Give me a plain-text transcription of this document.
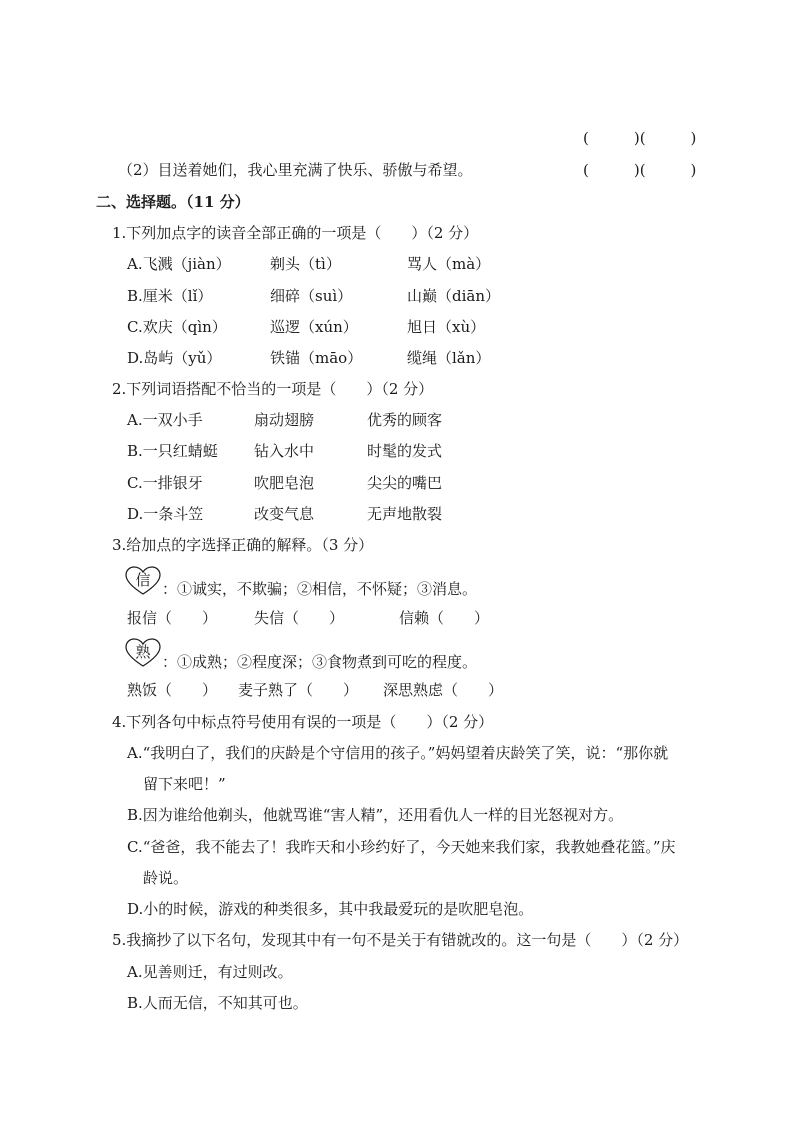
(　　　)(　　　)
（2）目送着她们，我心里充满了快乐、骄傲与希望。	(　　　)(　　　)
二、选择题。（11 分）
1.下列加点字的读音全部正确的一项是（　　）（2 分）
A.飞溅（jiàn）	剃头（tì）	骂人（mà）
B.厘米（lǐ）	细碎（suì）	山巅（diān）
C.欢庆（qìn）	巡逻（xún）	旭日（xù）
D.岛屿（yǔ）	铁锚（māo）	缆绳（lǎn）
2.下列词语搭配不恰当的一项是（　　）（2 分）
A.一双小手	扇动翅膀	优秀的顾客
B.一只红蜻蜓 钻入水中	时髦的发式
C.一排银牙	吹肥皂泡	尖尖的嘴巴
D.一条斗笠	改变气息	无声地散裂
3.给加点的字选择正确的解释。（3 分）
信 ：①诚实，不欺骗；②相信，不怀疑；③消息。
报信（　　） 失信（　　）	信赖（　　）
熟
：①成熟；②程度深；③食物煮到可吃的程度。
熟饭（　　） 麦子熟了（　　） 深思熟虑（　　）
4.下列各句中标点符号使用有误的一项是（　　）（2 分）
A.“我明白了，我们的庆龄是个守信用的孩子。”妈妈望着庆龄笑了笑，说：“那你就
留下来吧！”
B.因为谁给他剃头，他就骂谁“害人精”，还用看仇人一样的目光怒视对方。
C.“爸爸，我不能去了！我昨天和小珍约好了，今天她来我们家，我教她叠花篮。”庆
龄说。
D.小的时候，游戏的种类很多，其中我最爱玩的是吹肥皂泡。
5.我摘抄了以下名句，发现其中有一句不是关于有错就改的。这一句是（　　）（2 分）
A.见善则迁，有过则改。
B.人而无信，不知其可也。
